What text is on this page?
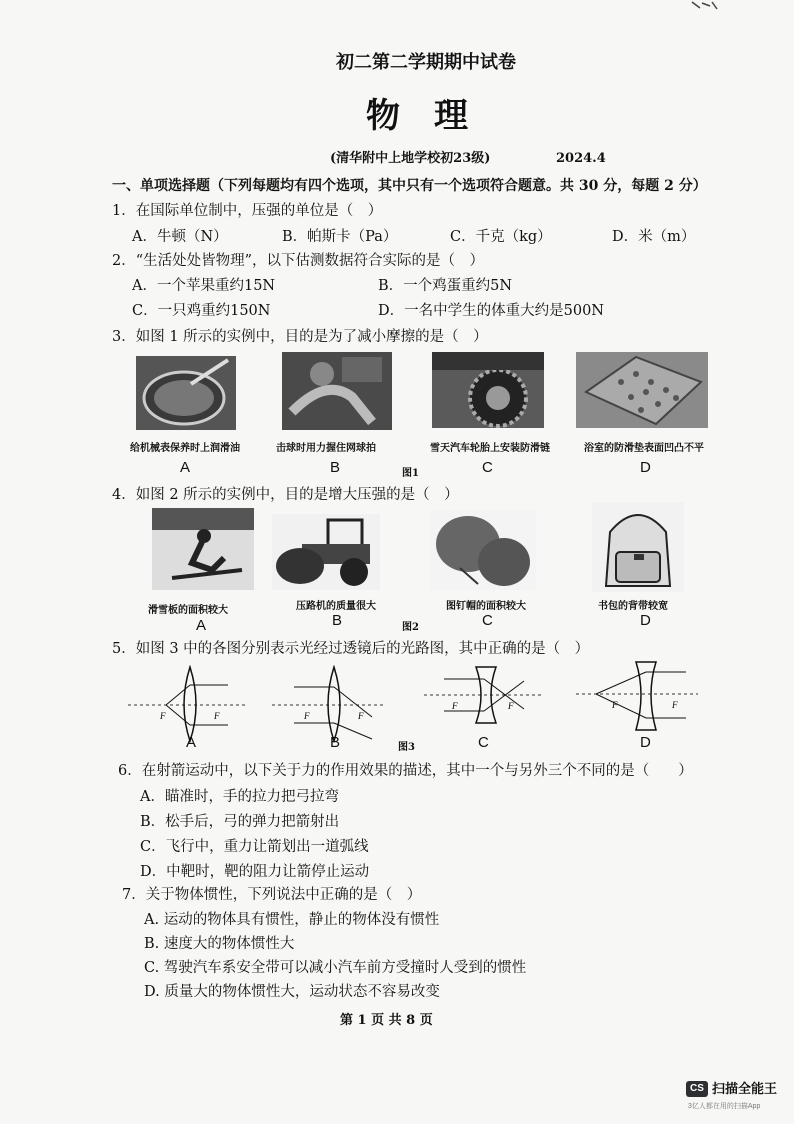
初二第二学期期中试卷
物　理
(清华附中上地学校初23级)	2024.4
一、单项选择题（下列每题均有四个选项，其中只有一个选项符合题意。共 30 分，每题 2 分）
1．在国际单位制中，压强的单位是（　）
A．牛顿（N）	B．帕斯卡（Pa）	C．千克（kg）	D．米（m）
2．“生活处处皆物理”，以下估测数据符合实际的是（　）
A．一个苹果重约15N	B．一个鸡蛋重约5N
C．一只鸡重约150N	D．一名中学生的体重大约是500N
3．如图 1 所示的实例中，目的是为了减小摩擦的是（　）
给机械表保养时上润滑油	击球时用力握住网球拍	雪天汽车轮胎上安装防滑链	浴室的防滑垫表面凹凸不平
A	B	图1	C	D
4．如图 2 所示的实例中，目的是增大压强的是（　）
滑雪板的面积较大	压路机的质量很大	图钉帽的面积较大	书包的背带较宽
A	B	图2	C	D
5．如图 3 中的各图分别表示光经过透镜后的光路图，其中正确的是（　）
F	F	F	F
F	F	F	F
A	B	图3	C	D
6．在射箭运动中，以下关于力的作用效果的描述，其中一个与另外三个不同的是（　　）
A．瞄准时，手的拉力把弓拉弯
B．松手后，弓的弹力把箭射出
C．飞行中，重力让箭划出一道弧线
D．中靶时，靶的阻力让箭停止运动
7．关于物体惯性，下列说法中正确的是（　）
A. 运动的物体具有惯性，静止的物体没有惯性
B. 速度大的物体惯性大
C. 驾驶汽车系安全带可以减小汽车前方受撞时人受到的惯性
D. 质量大的物体惯性大，运动状态不容易改变
第 1 页 共 8 页
CS 扫描全能王
3亿人都在用的扫描App
